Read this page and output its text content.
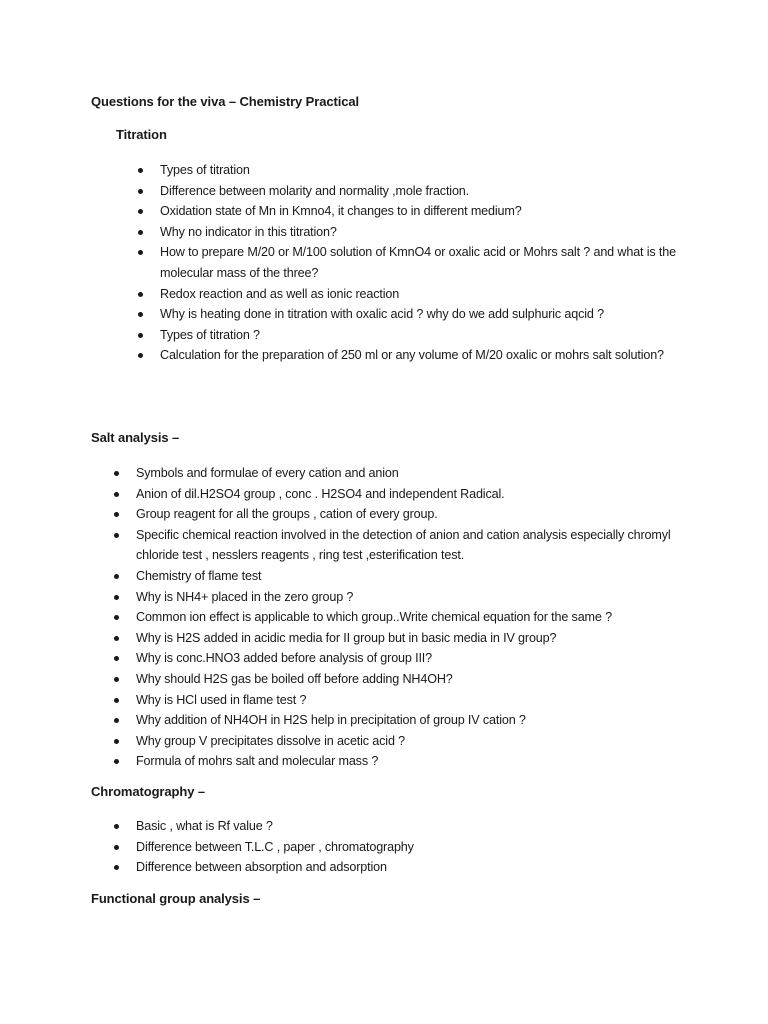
Questions for the viva – Chemistry Practical
Titration
Types of titration
Difference between molarity and normality ,mole fraction.
Oxidation state of Mn in Kmno4, it changes to in different medium?
Why no indicator in this titration?
How to prepare M/20 or M/100 solution of KmnO4 or oxalic acid or Mohrs salt ? and what is the molecular mass of the three?
Redox reaction and as well as ionic reaction
Why is heating done in titration with oxalic acid ? why do we add sulphuric aqcid ?
Types of titration ?
Calculation for the preparation of 250 ml or any volume of M/20 oxalic or mohrs salt solution?
Salt analysis –
Symbols and formulae of every cation and anion
Anion of dil.H2SO4 group , conc . H2SO4 and independent Radical.
Group reagent for all the groups , cation of every group.
Specific chemical reaction involved in the detection of anion and cation analysis especially chromyl chloride test , nesslers reagents , ring test ,esterification test.
Chemistry of flame test
Why is NH4+ placed in the zero group ?
Common ion effect is applicable to which group..Write chemical equation for the same ?
Why is H2S added in acidic media for II group but in basic media in IV group?
Why is conc.HNO3 added before analysis of group III?
Why should H2S gas be boiled off before adding NH4OH?
Why is HCl used in flame test ?
Why addition of NH4OH in H2S help in precipitation of group IV cation ?
Why group V precipitates dissolve in acetic acid ?
Formula of mohrs salt and molecular mass ?
Chromatography –
Basic , what is Rf value ?
Difference between T.L.C , paper , chromatography
Difference between absorption and adsorption
Functional group analysis –
